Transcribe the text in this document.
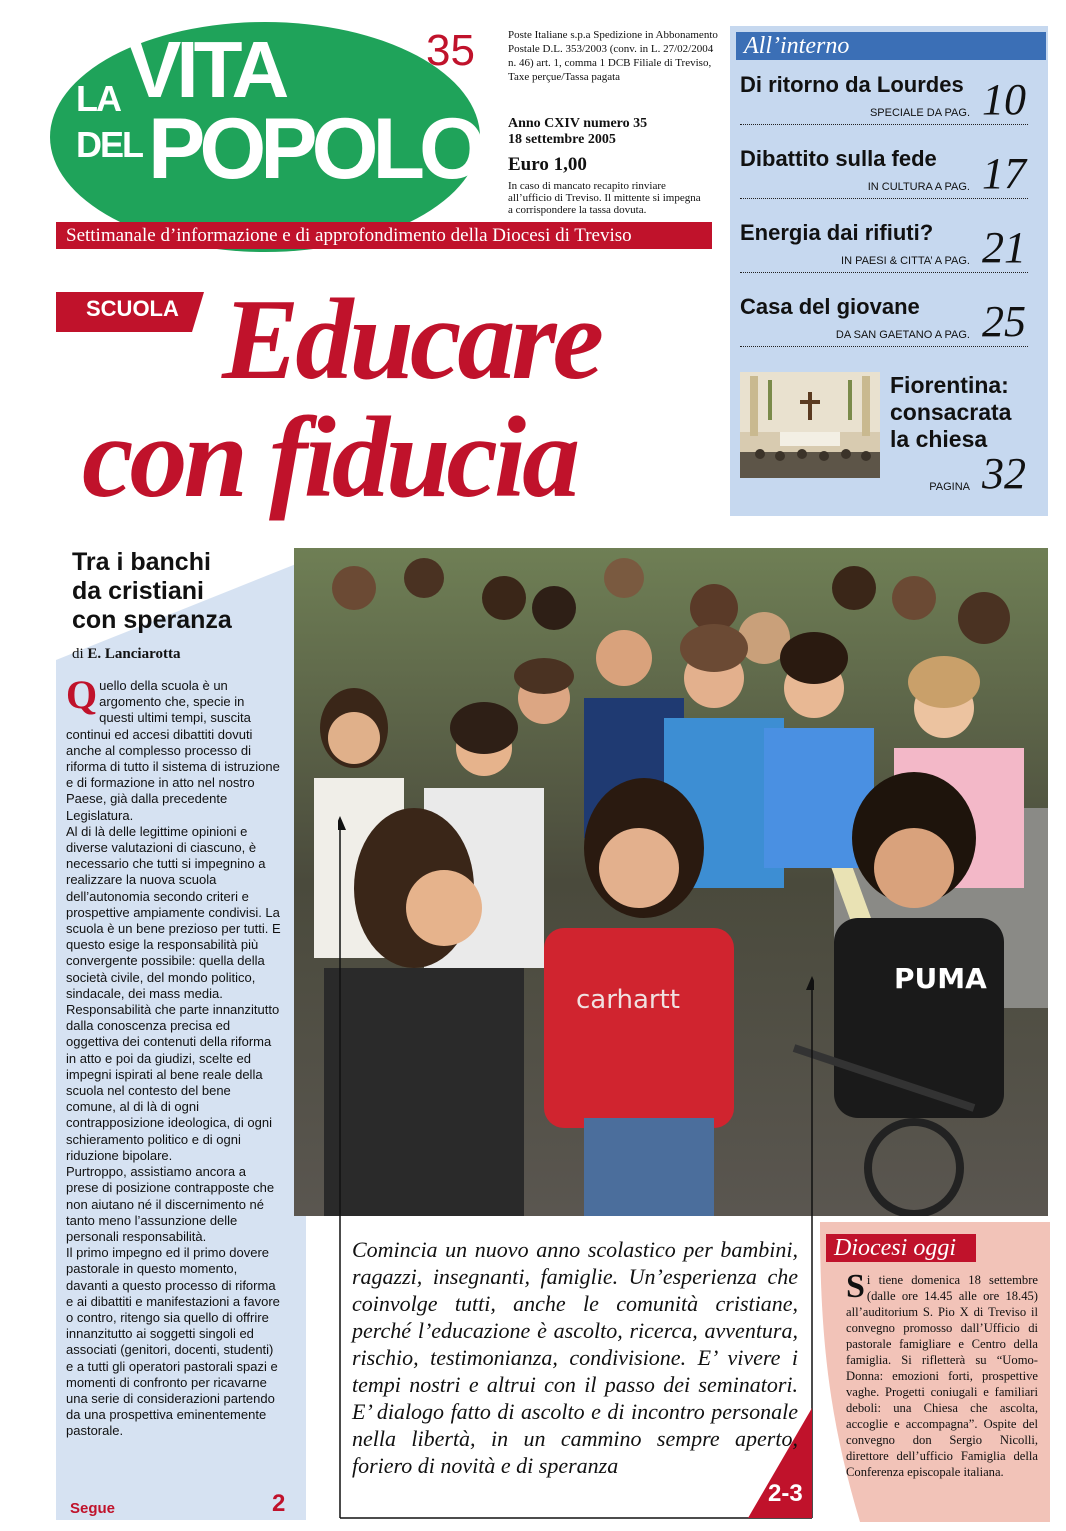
LA VITA
DEL POPOLO
35	Poste Italiane s.p.a Spedizione in Abbonamento Postale D.L. 353/2003 (conv. in L. 27/02/2004 n. 46) art. 1, comma 1 DCB Filiale di Treviso, Taxe perçue/Tassa pagata
Anno CXIV numero 35
18 settembre 2005
Euro 1,00
In caso di mancato recapito rinviare all’ufficio di Treviso. Il mittente si impegna a corrispondere la tassa dovuta.
Settimanale d’informazione e di approfondimento della Diocesi di Treviso
All’interno
Di ritorno da Lourdes
SPECIALE DA PAG. 10
Dibattito sulla fede
IN CULTURA A PAG. 17
Energia dai rifiuti?
IN PAESI & CITTA’ A PAG. 21
Casa del giovane
DA SAN GAETANO A PAG. 25
Fiorentina:
consacrata
la chiesa
PAGINA 32
SCUOLA Educare
con fiducia
Tra i banchi
da cristiani
con speranza
di E. Lanciarotta

Quello della scuola è un argomento che, specie in questi ultimi tempi, suscita continui ed accesi dibattiti dovuti anche al complesso processo di riforma di tutto il sistema di istruzione e di formazione in atto nel nostro Paese, già dalla precedente Legislatura.

Al di là delle legittime opinioni e diverse valutazioni di ciascuno, è necessario che tutti si impegnino a realizzare la nuova scuola dell’autonomia secondo criteri e prospettive ampiamente condivisi. La scuola è un bene prezioso per tutti. E questo esige la responsabilità più convergente possibile: quella della società civile, del mondo politico, sindacale, dei mass media. Responsabilità che parte innanzitutto dalla conoscenza precisa ed oggettiva dei contenuti della riforma in atto e poi da giudizi, scelte ed impegni ispirati al bene reale della scuola nel contesto del bene comune, al di là di ogni contrapposizione ideologica, di ogni schieramento politico e di ogni riduzione bipolare.

Purtroppo, assistiamo ancora a prese di posizione contrapposte che non aiutano né il discernimento né tanto meno l’assunzione delle personali responsabilità.

Il primo impegno ed il primo dovere pastorale in questo momento, davanti a questo processo di riforma e ai dibattiti e manifestazioni a favore o contro, ritengo sia quello di offrire innanzitutto ai soggetti singoli ed associati (genitori, docenti, studenti) e a tutti gli operatori pastorali spazi e momenti di confronto per ricavarne una serie di considerazioni partendo da una prospettiva eminentemente pastorale.

Segue	2
carhartt
PUMA
Comincia un nuovo anno scolastico per bambini, ragazzi, insegnanti, famiglie. Un’esperienza che coinvolge tutti, anche le comunità cristiane, perché l’educazione è ascolto, ricerca, avventura, rischio, testimonianza, condivisione. E’ vivere i tempi nostri e altrui con il passo dei seminatori. E’ dialogo fatto di ascolto e di incontro personale nella libertà, in un cammino sempre aperto, foriero di novità e di speranza
2-3
Diocesi oggi
Si tiene domenica 18 settembre (dalle ore 14.45 alle ore 18.45) all’auditorium S. Pio X di Treviso il convegno promosso dall’Ufficio di pastorale famigliare e Centro della famiglia. Si rifletterà su “Uomo-Donna: emozioni forti, prospettive vaghe. Progetti coniugali e familiari deboli: una Chiesa che ascolta, accoglie e accompagna”. Ospite del convegno don Sergio Nicolli, direttore dell’ufficio Famiglia della Conferenza episcopale italiana.
